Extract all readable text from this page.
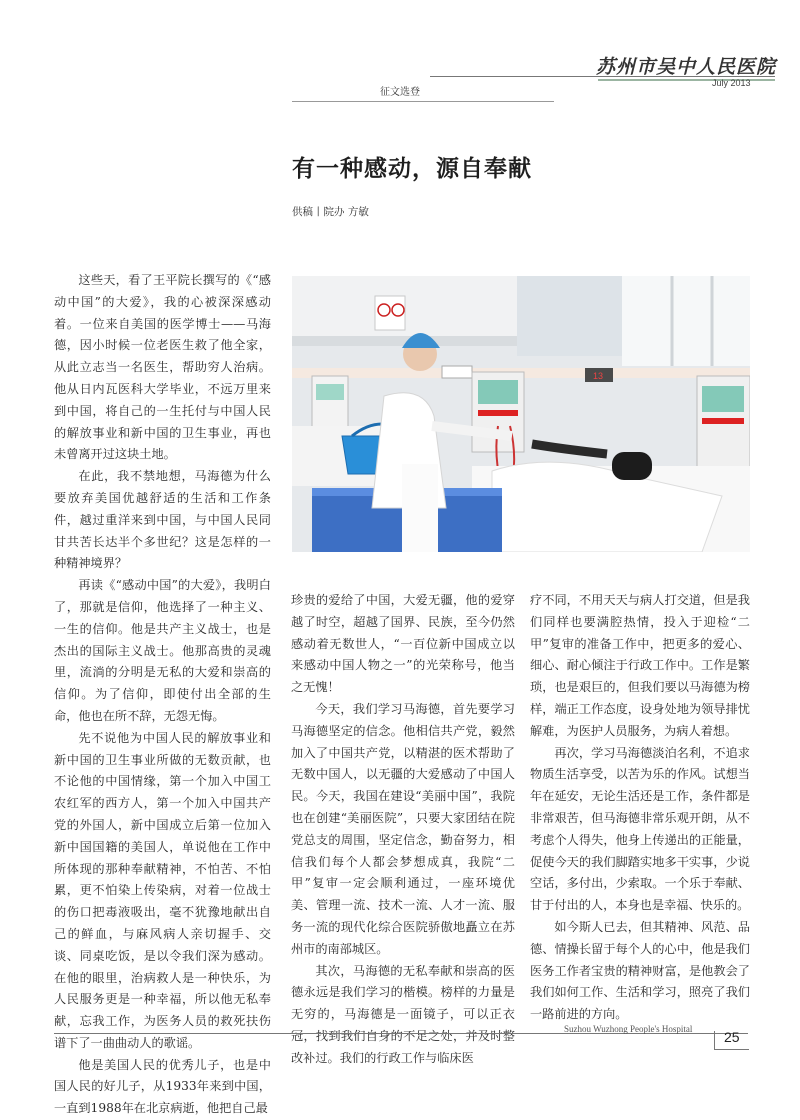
苏州市吴中人民医院
July 2013
征文选登
有一种感动，源自奉献
供稿丨院办 方敏

这些天，看了王平院长撰写的《“感动中国”的大爱》，我的心被深深感动着。一位来自美国的医学博士——马海德，因小时候一位老医生救了他全家，从此立志当一名医生，帮助穷人治病。他从日内瓦医科大学毕业，不远万里来到中国，将自己的一生托付与中国人民的解放事业和新中国的卫生事业，再也未曾离开过这块土地。

在此，我不禁地想，马海德为什么要放弃美国优越舒适的生活和工作条件，越过重洋来到中国，与中国人民同甘共苦长达半个多世纪？这是怎样的一种精神境界？

再读《“感动中国”的大爱》，我明白了，那就是信仰，他选择了一种主义、一生的信仰。他是共产主义战士，也是杰出的国际主义战士。他那高贵的灵魂里，流淌的分明是无私的大爱和崇高的信仰。为了信仰，即使付出全部的生命，他也在所不辞，无怨无悔。

先不说他为中国人民的解放事业和新中国的卫生事业所做的无数贡献，也不论他的中国情缘，第一个加入中国工农红军的西方人，第一个加入中国共产党的外国人，新中国成立后第一位加入新中国国籍的美国人，单说他在工作中所体现的那种奉献精神，不怕苦、不怕累，更不怕染上传染病，对着一位战士的伤口把毒液吸出，毫不犹豫地献出自己的鲜血，与麻风病人亲切握手、交谈、同桌吃饭，是以令我们深为感动。在他的眼里，治病救人是一种快乐，为人民服务更是一种幸福，所以他无私奉献，忘我工作，为医务人员的救死扶伤谱下了一曲曲动人的歌谣。

他是美国人民的优秀儿子，也是中国人民的好儿子，从1933年来到中国，一直到1988年在北京病逝，他把自己最

13

珍贵的爱给了中国，大爱无疆，他的爱穿越了时空，超越了国界、民族，至今仍然感动着无数世人，“一百位新中国成立以来感动中国人物之一”的光荣称号，他当之无愧！

今天，我们学习马海德，首先要学习马海德坚定的信念。他相信共产党，毅然加入了中国共产党，以精湛的医术帮助了无数中国人，以无疆的大爱感动了中国人民。今天，我国在建设“美丽中国”，我院也在创建“美丽医院”，只要大家团结在院党总支的周围，坚定信念，勤奋努力，相信我们每个人都会梦想成真，我院“二甲”复审一定会顺利通过，一座环境优美、管理一流、技术一流、人才一流、服务一流的现代化综合医院骄傲地矗立在苏州市的南部城区。

其次，马海德的无私奉献和崇高的医德永远是我们学习的楷模。榜样的力量是无穷的，马海德是一面镜子，可以正衣冠，找到我们自身的不足之处，并及时整改补过。我们的行政工作与临床医

疗不同，不用天天与病人打交道，但是我们同样也要满腔热情，投入于迎检“二甲”复审的准备工作中，把更多的爱心、细心、耐心倾注于行政工作中。工作是繁琐，也是艰巨的，但我们要以马海德为榜样，端正工作态度，设身处地为领导排忧解难，为医护人员服务，为病人着想。

再次，学习马海德淡泊名利，不追求物质生活享受，以苦为乐的作风。试想当年在延安，无论生活还是工作，条件都是非常艰苦，但马海德非常乐观开朗，从不考虑个人得失，他身上传递出的正能量，促使今天的我们脚踏实地多干实事，少说空话，多付出，少索取。一个乐于奉献、甘于付出的人，本身也是幸福、快乐的。

如今斯人已去，但其精神、风范、品德、情操长留于每个人的心中，他是我们医务工作者宝贵的精神财富，是他教会了我们如何工作、生活和学习，照亮了我们一路前进的方向。

Suzhou Wuzhong People's Hospital 25
